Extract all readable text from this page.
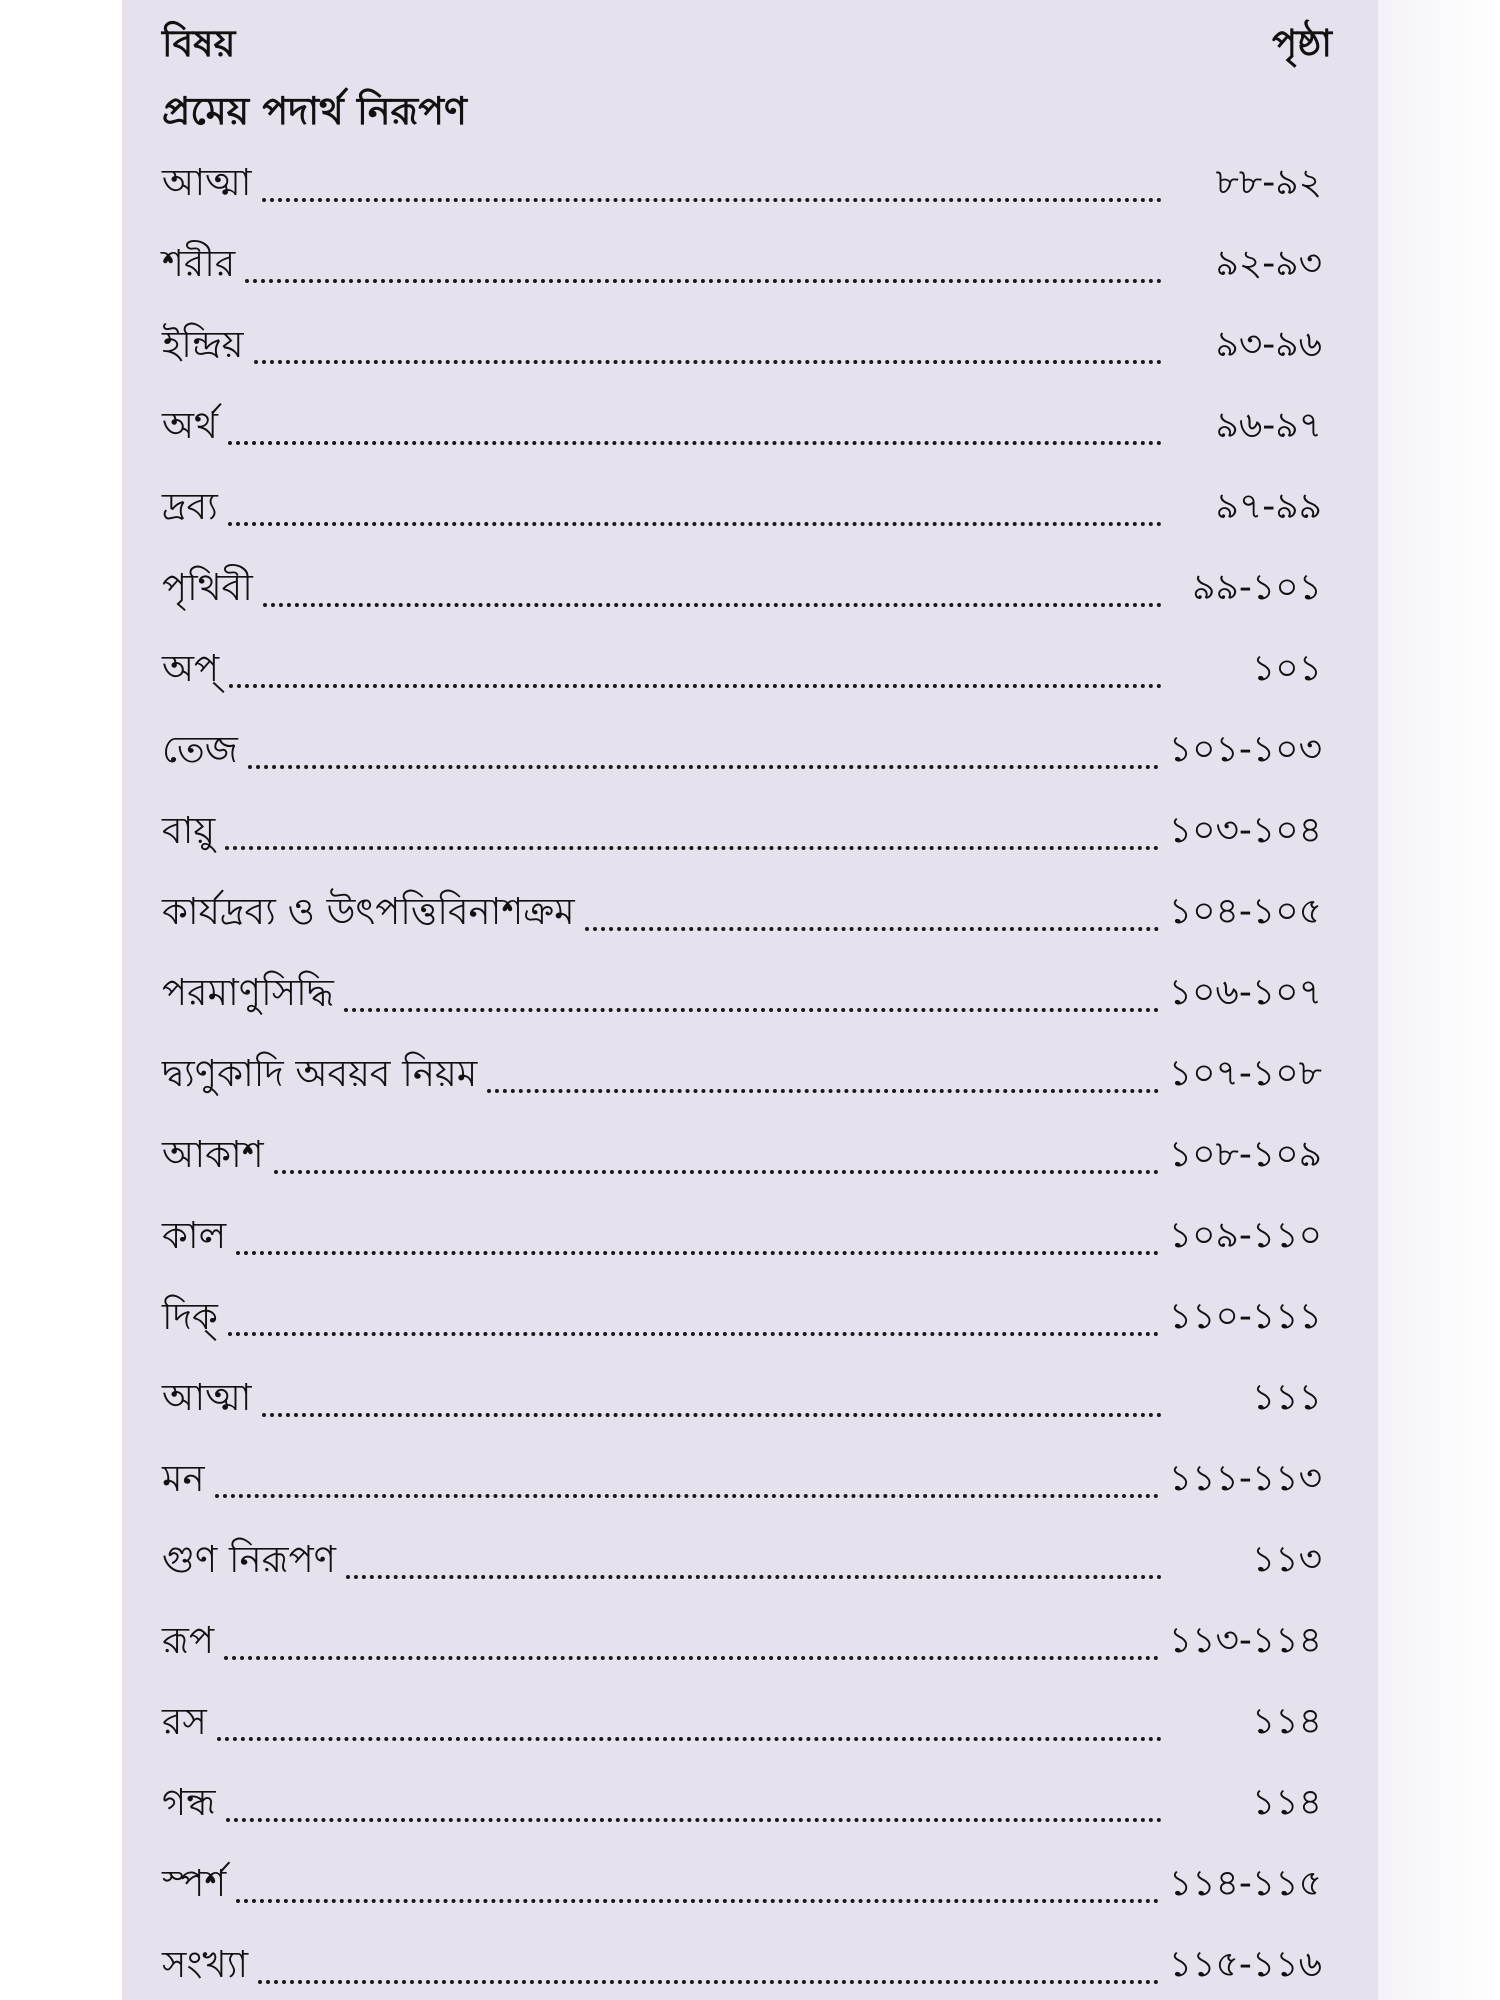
বিষয়	পৃষ্ঠা
প্রমেয় পদার্থ নিরূপণ
আত্মা	৮৮-৯২
শরীর	৯২-৯৩
ইন্দ্রিয়	৯৩-৯৬
অর্থ	৯৬-৯৭
দ্রব্য	৯৭-৯৯
পৃথিবী	৯৯-১০১
অপ্	১০১
তেজ	১০১-১০৩
বায়ু	১০৩-১০৪
কার্যদ্রব্য ও উৎপত্তিবিনাশক্রম	১০৪-১০৫
পরমাণুসিদ্ধি	১০৬-১০৭
দ্ব্যণুকাদি অবয়ব নিয়ম	১০৭-১০৮
আকাশ	১০৮-১০৯
কাল	১০৯-১১০
দিক্	১১০-১১১
আত্মা	১১১
মন	১১১-১১৩
গুণ নিরূপণ	১১৩
রূপ	১১৩-১১৪
রস	১১৪
গন্ধ	১১৪
স্পর্শ	১১৪-১১৫
সংখ্যা	১১৫-১১৬
